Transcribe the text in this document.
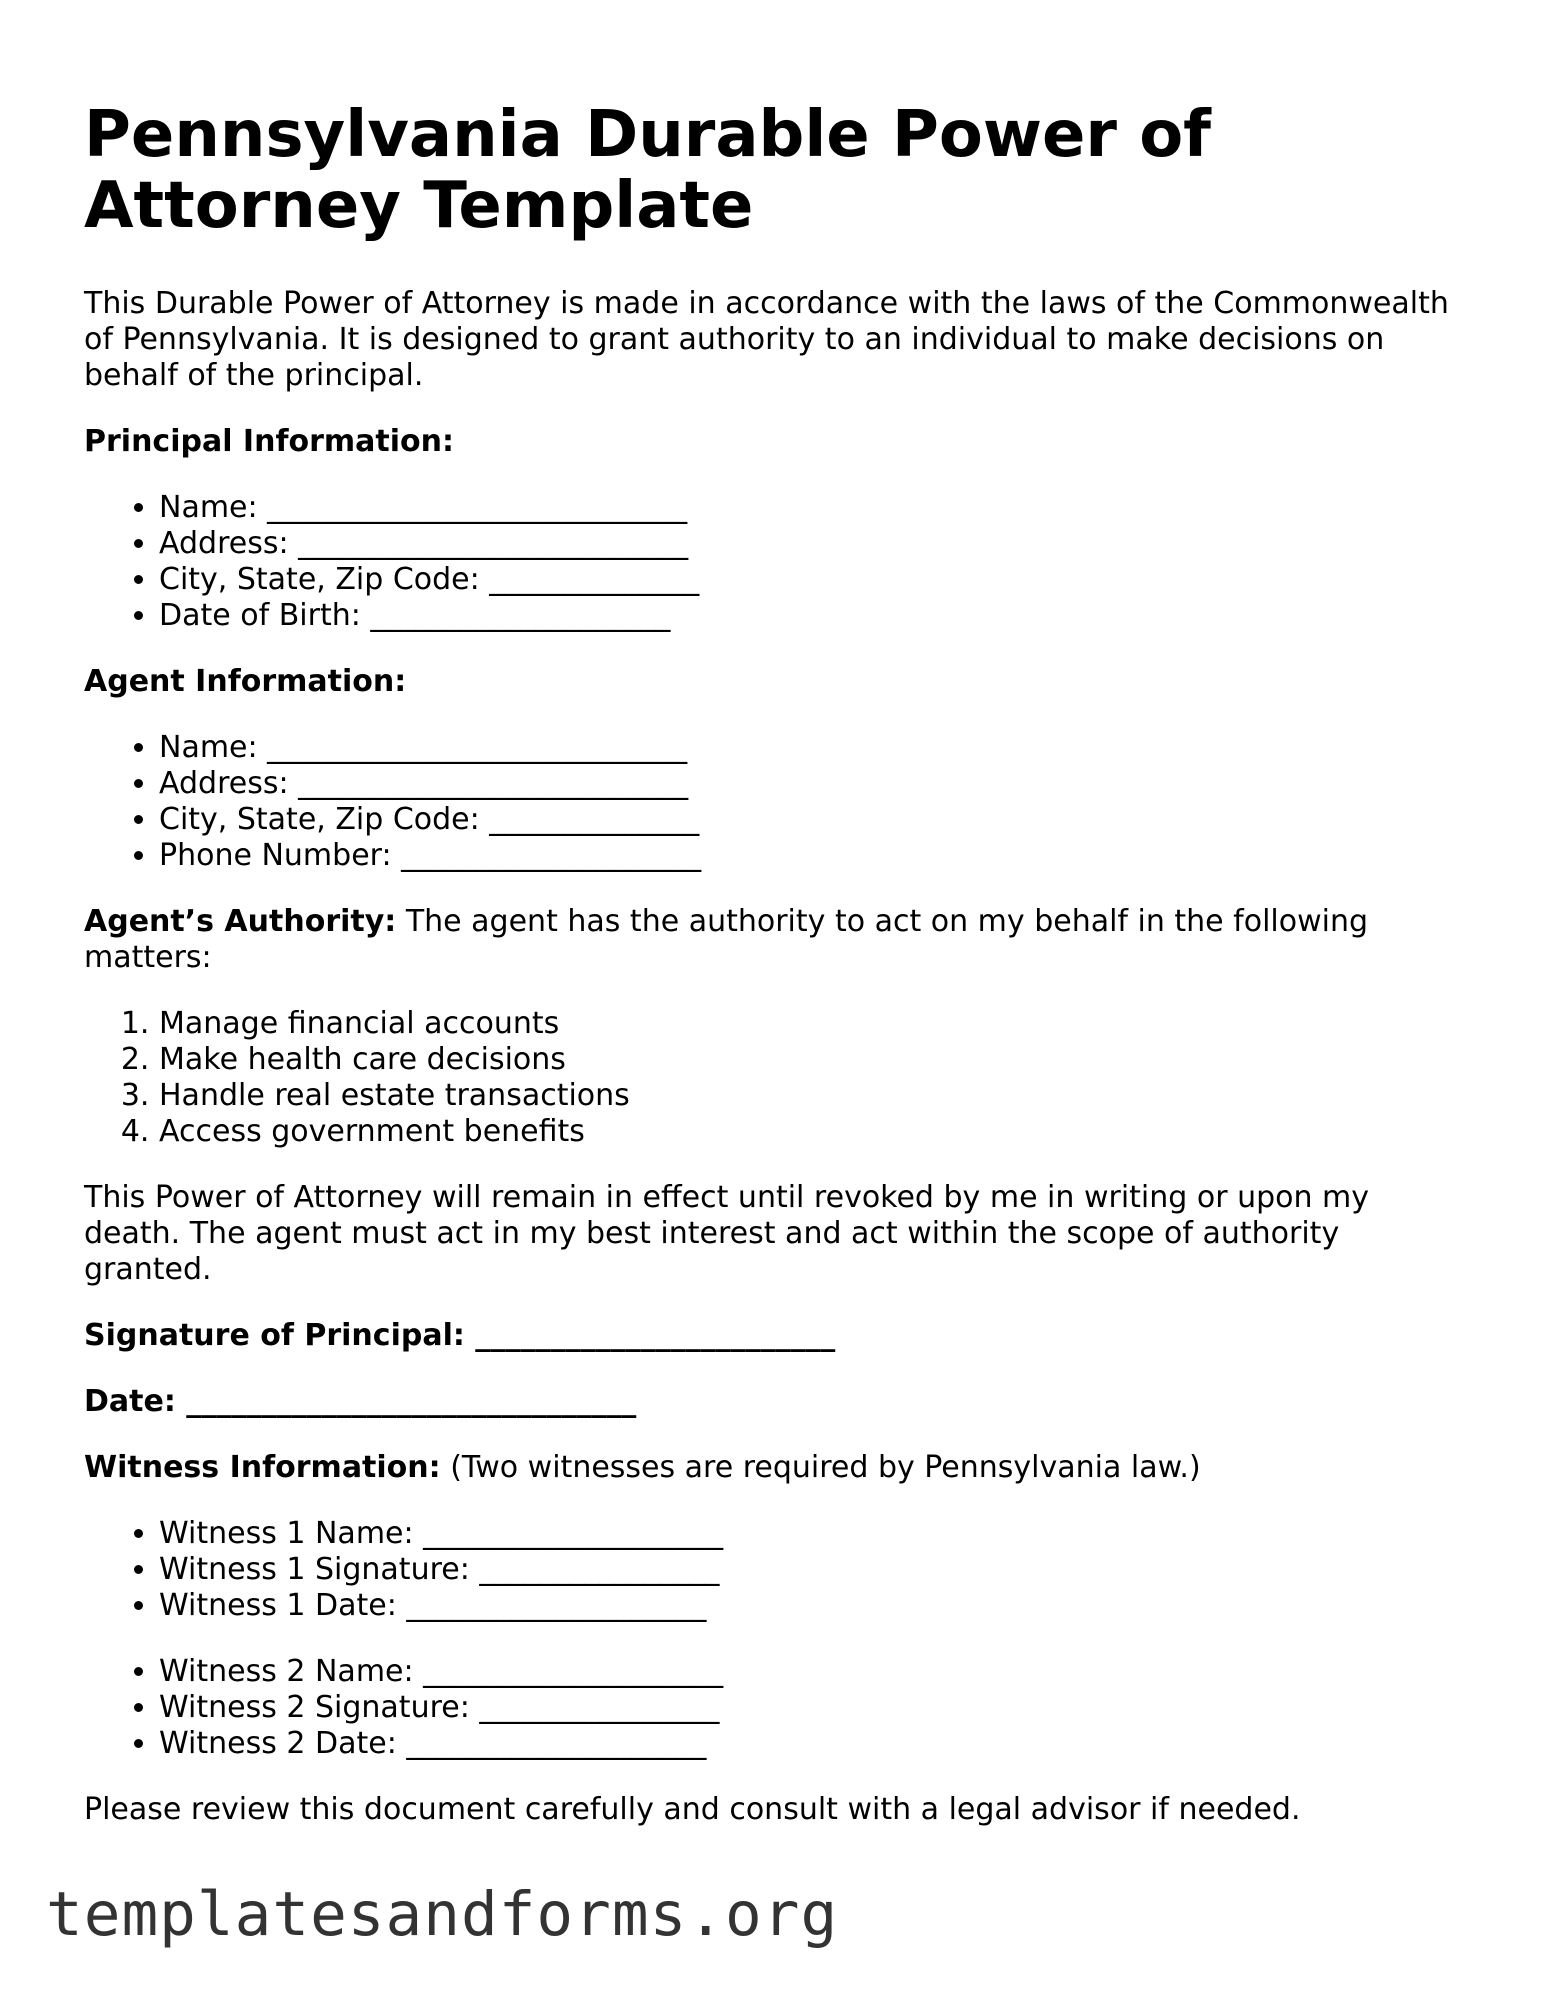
Pennsylvania Durable Power of Attorney Template

This Durable Power of Attorney is made in accordance with the laws of the Commonwealth of Pennsylvania. It is designed to grant authority to an individual to make decisions on behalf of the principal.

Principal Information:

• Name: ____________________________
• Address: __________________________
• City, State, Zip Code: ______________
• Date of Birth: ____________________

Agent Information:

• Name: ____________________________
• Address: __________________________
• City, State, Zip Code: ______________
• Phone Number: ____________________

Agent’s Authority: The agent has the authority to act on my behalf in the following matters:

1. Manage financial accounts
2. Make health care decisions
3. Handle real estate transactions
4. Access government benefits

This Power of Attorney will remain in effect until revoked by me in writing or upon my death. The agent must act in my best interest and act within the scope of authority granted.

Signature of Principal: ________________________

Date: ______________________________

Witness Information: (Two witnesses are required by Pennsylvania law.)

• Witness 1 Name: ____________________
• Witness 1 Signature: ________________
• Witness 1 Date: ____________________
• Witness 2 Name: ____________________
• Witness 2 Signature: ________________
• Witness 2 Date: ____________________

Please review this document carefully and consult with a legal advisor if needed.

templatesandforms.org
